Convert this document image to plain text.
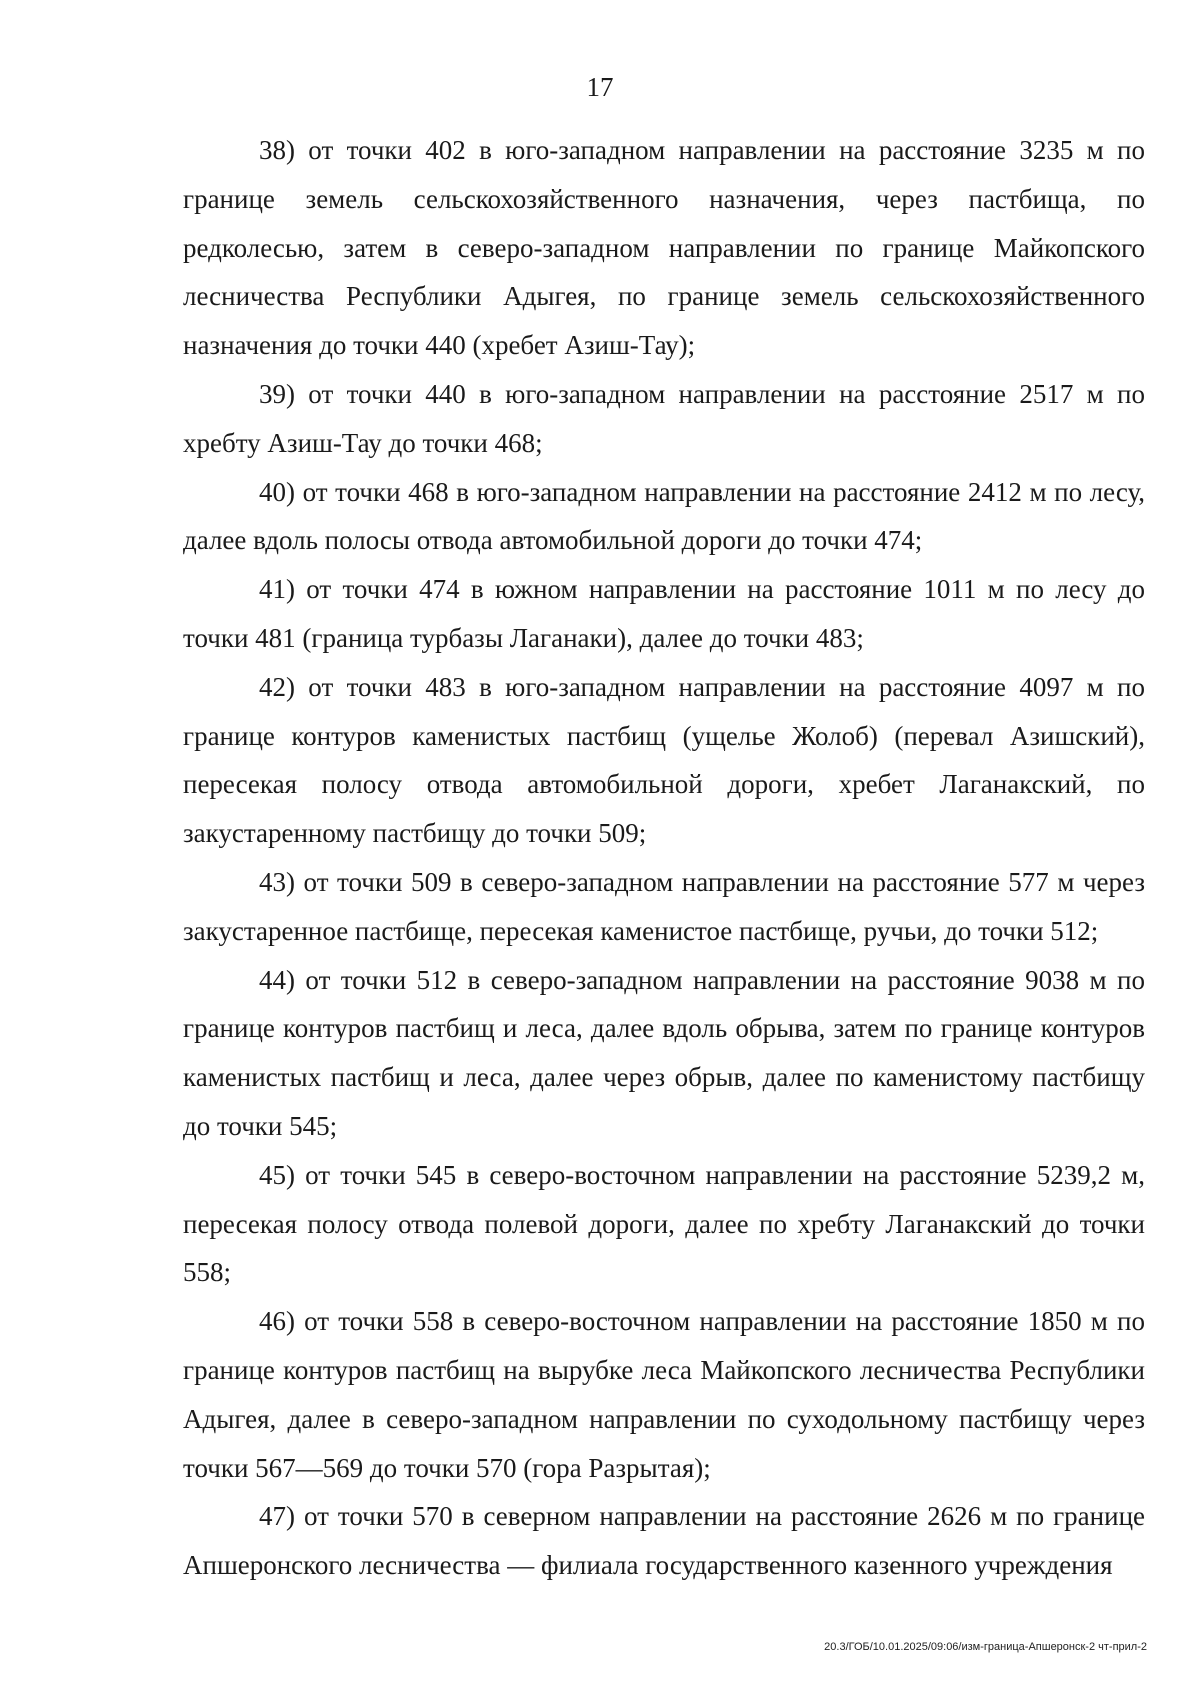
17

38) от точки 402 в юго-западном направлении на расстояние 3235 м по границе земель сельскохозяйственного назначения, через пастбища, по редколесью, затем в северо-западном направлении по границе Майкопского лесничества Республики Адыгея, по границе земель сельскохозяйственного назначения до точки 440 (хребет Азиш-Тау);

39) от точки 440 в юго-западном направлении на расстояние 2517 м по хребту Азиш-Тау до точки 468;

40) от точки 468 в юго-западном направлении на расстояние 2412 м по лесу, далее вдоль полосы отвода автомобильной дороги до точки 474;

41) от точки 474 в южном направлении на расстояние 1011 м по лесу до точки 481 (граница турбазы Лаганаки), далее до точки 483;

42) от точки 483 в юго-западном направлении на расстояние 4097 м по границе контуров каменистых пастбищ (ущелье Жолоб) (перевал Азишский), пересекая полосу отвода автомобильной дороги, хребет Лаганакский, по закустаренному пастбищу до точки 509;

43) от точки 509 в северо-западном направлении на расстояние 577 м через закустаренное пастбище, пересекая каменистое пастбище, ручьи, до точки 512;

44) от точки 512 в северо-западном направлении на расстояние 9038 м по границе контуров пастбищ и леса, далее вдоль обрыва, затем по границе контуров каменистых пастбищ и леса, далее через обрыв, далее по каменистому пастбищу до точки 545;

45) от точки 545 в северо-восточном направлении на расстояние 5239,2 м, пересекая полосу отвода полевой дороги, далее по хребту Лаганакский до точки 558;

46) от точки 558 в северо-восточном направлении на расстояние 1850 м по границе контуров пастбищ на вырубке леса Майкопского лесничества Республики Адыгея, далее в северо-западном направлении по суходольному пастбищу через точки 567—569 до точки 570 (гора Разрытая);

47) от точки 570 в северном направлении на расстояние 2626 м по границе Апшеронского лесничества — филиала государственного казенного учреждения

20.3/ГОБ/10.01.2025/09:06/изм-граница-Апшеронск-2 чт-прил-2
